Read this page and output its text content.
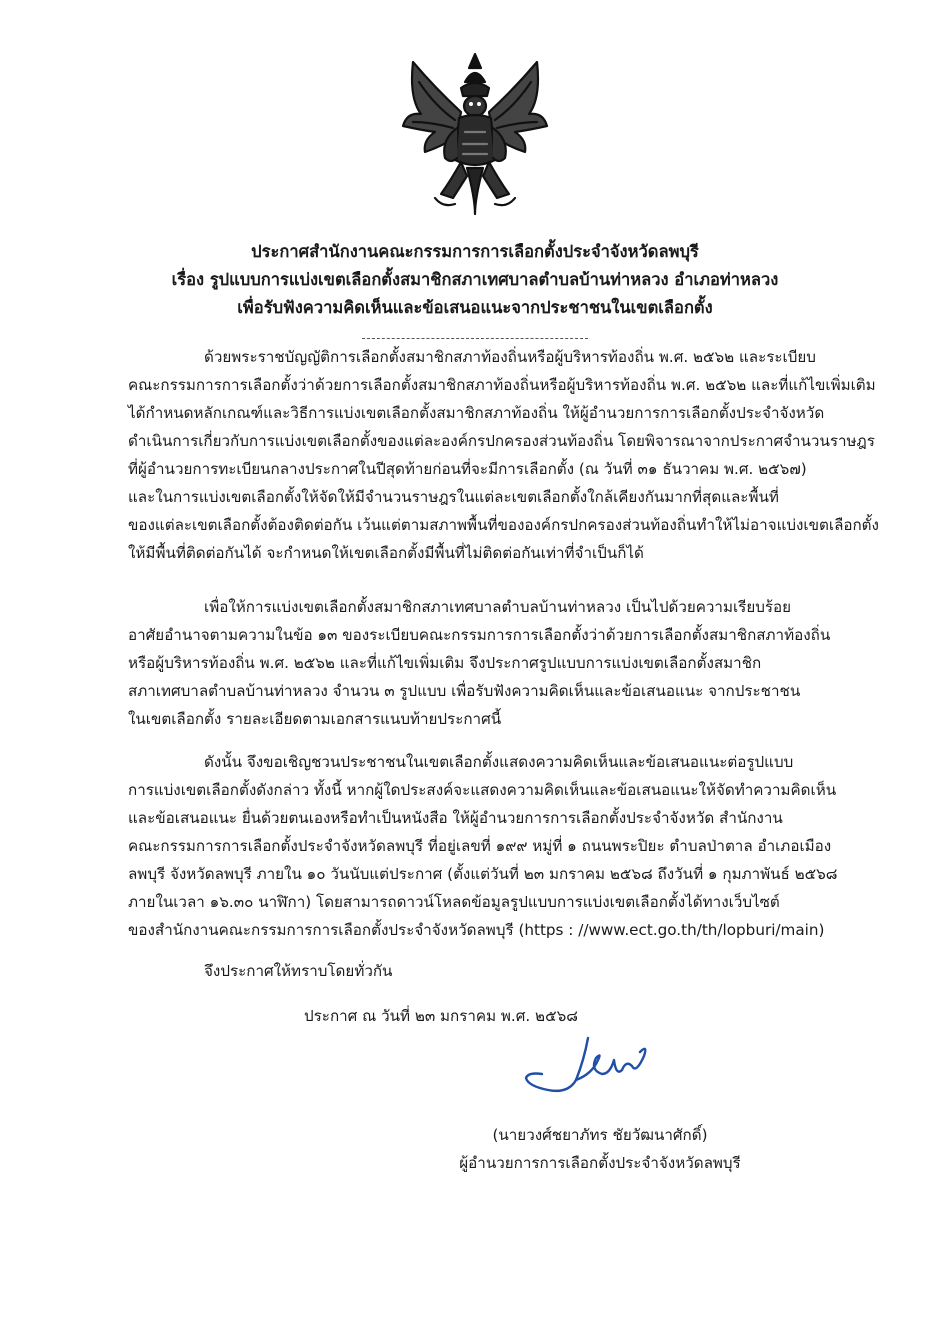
ประกาศสำนักงานคณะกรรมการการเลือกตั้งประจำจังหวัดลพบุรี
เรื่อง รูปแบบการแบ่งเขตเลือกตั้งสมาชิกสภาเทศบาลตำบลบ้านท่าหลวง อำเภอท่าหลวง
เพื่อรับฟังความคิดเห็นและข้อเสนอแนะจากประชาชนในเขตเลือกตั้ง
ด้วยพระราชบัญญัติการเลือกตั้งสมาชิกสภาท้องถิ่นหรือผู้บริหารท้องถิ่น พ.ศ. ๒๕๖๒ และระเบียบ
คณะกรรมการการเลือกตั้งว่าด้วยการเลือกตั้งสมาชิกสภาท้องถิ่นหรือผู้บริหารท้องถิ่น พ.ศ. ๒๕๖๒ และที่แก้ไขเพิ่มเติม
ได้กำหนดหลักเกณฑ์และวิธีการแบ่งเขตเลือกตั้งสมาชิกสภาท้องถิ่น ให้ผู้อำนวยการการเลือกตั้งประจำจังหวัด
ดำเนินการเกี่ยวกับการแบ่งเขตเลือกตั้งของแต่ละองค์กรปกครองส่วนท้องถิ่น โดยพิจารณาจากประกาศจำนวนราษฎร
ที่ผู้อำนวยการทะเบียนกลางประกาศในปีสุดท้ายก่อนที่จะมีการเลือกตั้ง (ณ วันที่ ๓๑ ธันวาคม พ.ศ. ๒๕๖๗)
และในการแบ่งเขตเลือกตั้งให้จัดให้มีจำนวนราษฎรในแต่ละเขตเลือกตั้งใกล้เคียงกันมากที่สุดและพื้นที่
ของแต่ละเขตเลือกตั้งต้องติดต่อกัน เว้นแต่ตามสภาพพื้นที่ขององค์กรปกครองส่วนท้องถิ่นทำให้ไม่อาจแบ่งเขตเลือกตั้ง
ให้มีพื้นที่ติดต่อกันได้ จะกำหนดให้เขตเลือกตั้งมีพื้นที่ไม่ติดต่อกันเท่าที่จำเป็นก็ได้
เพื่อให้การแบ่งเขตเลือกตั้งสมาชิกสภาเทศบาลตำบลบ้านท่าหลวง เป็นไปด้วยความเรียบร้อย
อาศัยอำนาจตามความในข้อ ๑๓ ของระเบียบคณะกรรมการการเลือกตั้งว่าด้วยการเลือกตั้งสมาชิกสภาท้องถิ่น
หรือผู้บริหารท้องถิ่น พ.ศ. ๒๕๖๒ และที่แก้ไขเพิ่มเติม จึงประกาศรูปแบบการแบ่งเขตเลือกตั้งสมาชิก
สภาเทศบาลตำบลบ้านท่าหลวง จำนวน ๓ รูปแบบ เพื่อรับฟังความคิดเห็นและข้อเสนอแนะ จากประชาชน
ในเขตเลือกตั้ง รายละเอียดตามเอกสารแนบท้ายประกาศนี้
ดังนั้น จึงขอเชิญชวนประชาชนในเขตเลือกตั้งแสดงความคิดเห็นและข้อเสนอแนะต่อรูปแบบ
การแบ่งเขตเลือกตั้งดังกล่าว ทั้งนี้ หากผู้ใดประสงค์จะแสดงความคิดเห็นและข้อเสนอแนะให้จัดทำความคิดเห็น
และข้อเสนอแนะ ยื่นด้วยตนเองหรือทำเป็นหนังสือ ให้ผู้อำนวยการการเลือกตั้งประจำจังหวัด สำนักงาน
คณะกรรมการการเลือกตั้งประจำจังหวัดลพบุรี ที่อยู่เลขที่ ๑๙๙ หมู่ที่ ๑ ถนนพระปิยะ ตำบลป่าตาล อำเภอเมือง
ลพบุรี จังหวัดลพบุรี ภายใน ๑๐ วันนับแต่ประกาศ (ตั้งแต่วันที่ ๒๓ มกราคม ๒๕๖๘ ถึงวันที่ ๑ กุมภาพันธ์ ๒๕๖๘
ภายในเวลา ๑๖.๓๐ นาฬิกา) โดยสามารถดาวน์โหลดข้อมูลรูปแบบการแบ่งเขตเลือกตั้งได้ทางเว็บไซต์
ของสำนักงานคณะกรรมการการเลือกตั้งประจำจังหวัดลพบุรี (https : //www.ect.go.th/th/lopburi/main)
จึงประกาศให้ทราบโดยทั่วกัน
ประกาศ ณ วันที่ ๒๓ มกราคม พ.ศ. ๒๕๖๘
(นายวงศ์ชยาภัทร ชัยวัฒนาศักดิ์)
ผู้อำนวยการการเลือกตั้งประจำจังหวัดลพบุรี
